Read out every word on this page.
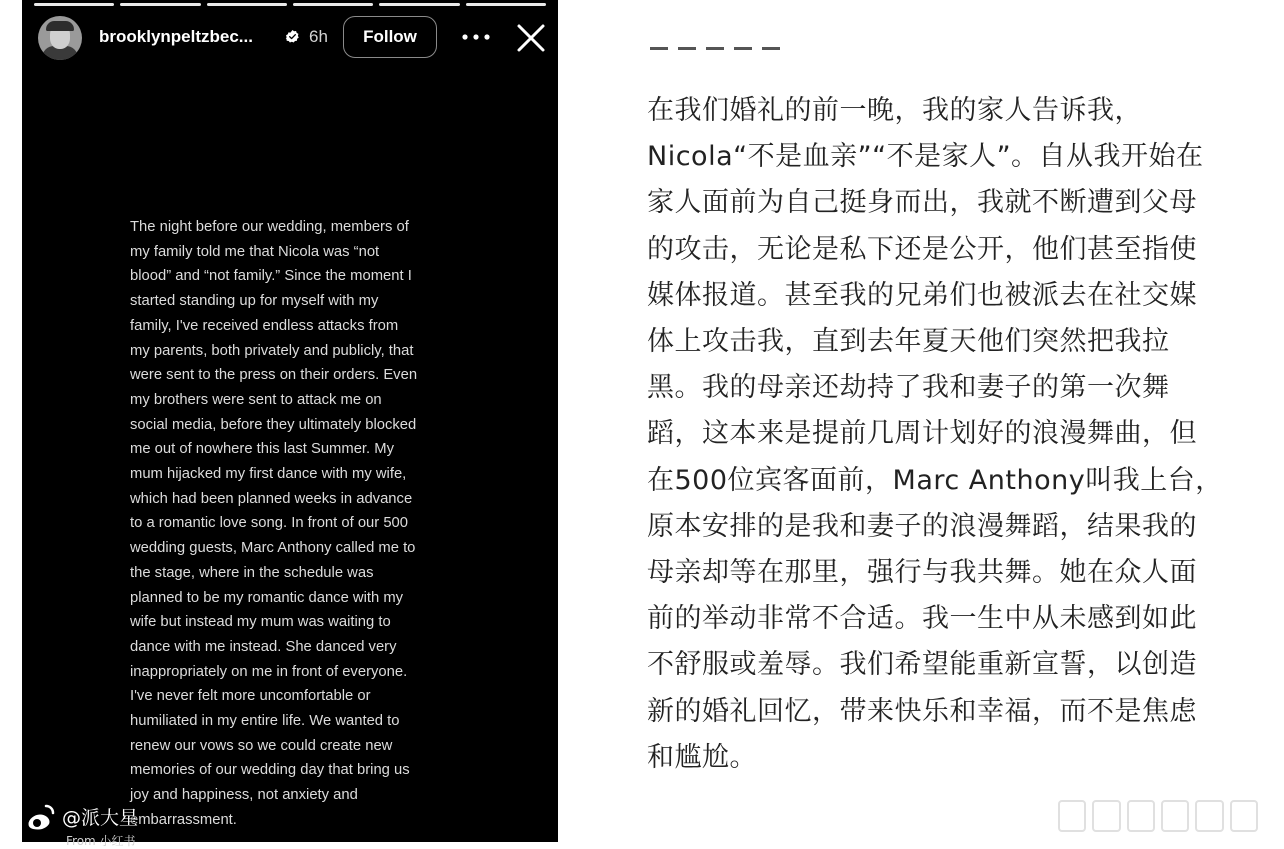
brooklynpeltzbec...	6h	Follow
The night before our wedding, members of
my family told me that Nicola was “not
blood” and “not family.” Since the moment I
started standing up for myself with my
family, I've received endless attacks from
my parents, both privately and publicly, that
were sent to the press on their orders. Even
my brothers were sent to attack me on
social media, before they ultimately blocked
me out of nowhere this last Summer. My
mum hijacked my first dance with my wife,
which had been planned weeks in advance
to a romantic love song. In front of our 500
wedding guests, Marc Anthony called me to
the stage, where in the schedule was
planned to be my romantic dance with my
wife but instead my mum was waiting to
dance with me instead. She danced very
inappropriately on me in front of everyone.
I've never felt more uncomfortable or
humiliated in my entire life. We wanted to
renew our vows so we could create new
memories of our wedding day that bring us
joy and happiness, not anxiety and
embarrassment.
@派大星
From 小红书
在我们婚礼的前一晚，我的家人告诉我，
Nicola“不是血亲”“不是家人”。自从我开始在
家人面前为自己挺身而出，我就不断遭到父母
的攻击，无论是私下还是公开，他们甚至指使
媒体报道。甚至我的兄弟们也被派去在社交媒
体上攻击我，直到去年夏天他们突然把我拉
黑。我的母亲还劫持了我和妻子的第一次舞
蹈，这本来是提前几周计划好的浪漫舞曲，但
在500位宾客面前，Marc Anthony叫我上台，
原本安排的是我和妻子的浪漫舞蹈，结果我的
母亲却等在那里，强行与我共舞。她在众人面
前的举动非常不合适。我一生中从未感到如此
不舒服或羞辱。我们希望能重新宣誓，以创造
新的婚礼回忆，带来快乐和幸福，而不是焦虑
和尴尬。
